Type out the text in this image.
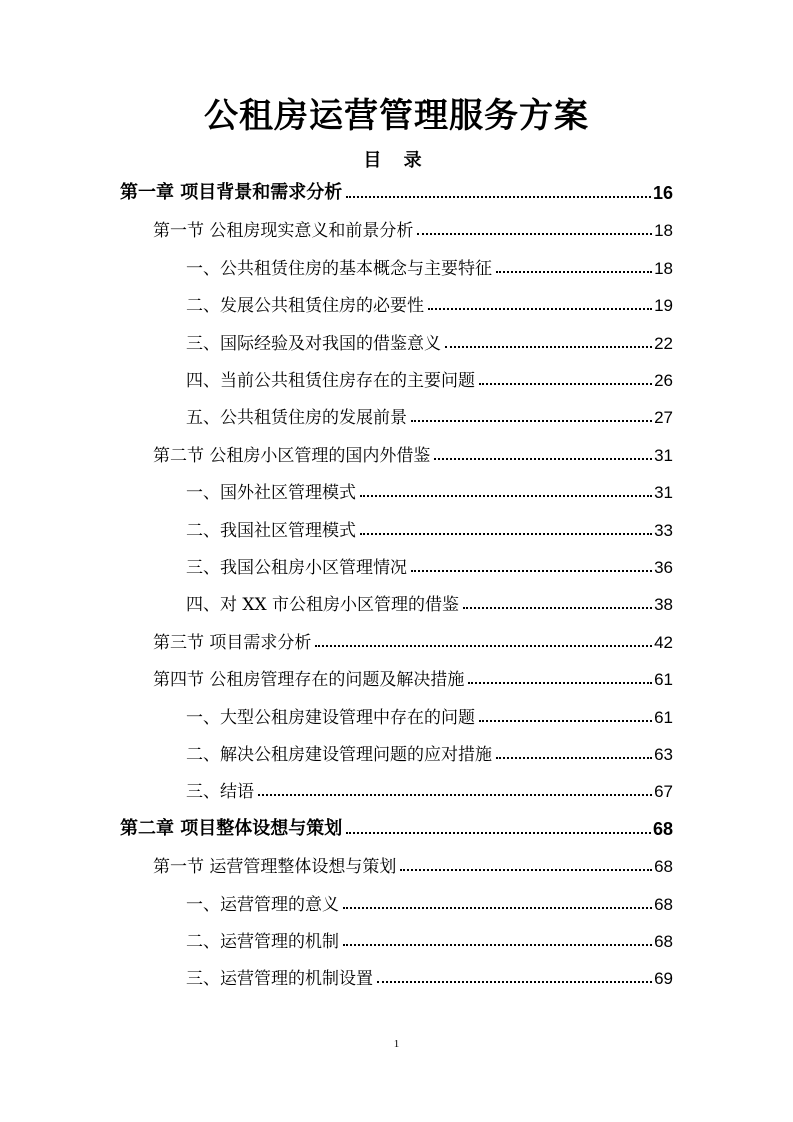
公租房运营管理服务方案
目 录
第一章 项目背景和需求分析	16
第一节 公租房现实意义和前景分析	18
一、公共租赁住房的基本概念与主要特征	18
二、发展公共租赁住房的必要性	19
三、国际经验及对我国的借鉴意义	22
四、当前公共租赁住房存在的主要问题	26
五、公共租赁住房的发展前景	27
第二节 公租房小区管理的国内外借鉴	31
一、国外社区管理模式	31
二、我国社区管理模式	33
三、我国公租房小区管理情况	36
四、对 XX 市公租房小区管理的借鉴	38
第三节 项目需求分析	42
第四节 公租房管理存在的问题及解决措施	61
一、大型公租房建设管理中存在的问题	61
二、解决公租房建设管理问题的应对措施	63
三、结语	67
第二章 项目整体设想与策划	68
第一节 运营管理整体设想与策划	68
一、运营管理的意义	68
二、运营管理的机制	68
三、运营管理的机制设置	69
1
